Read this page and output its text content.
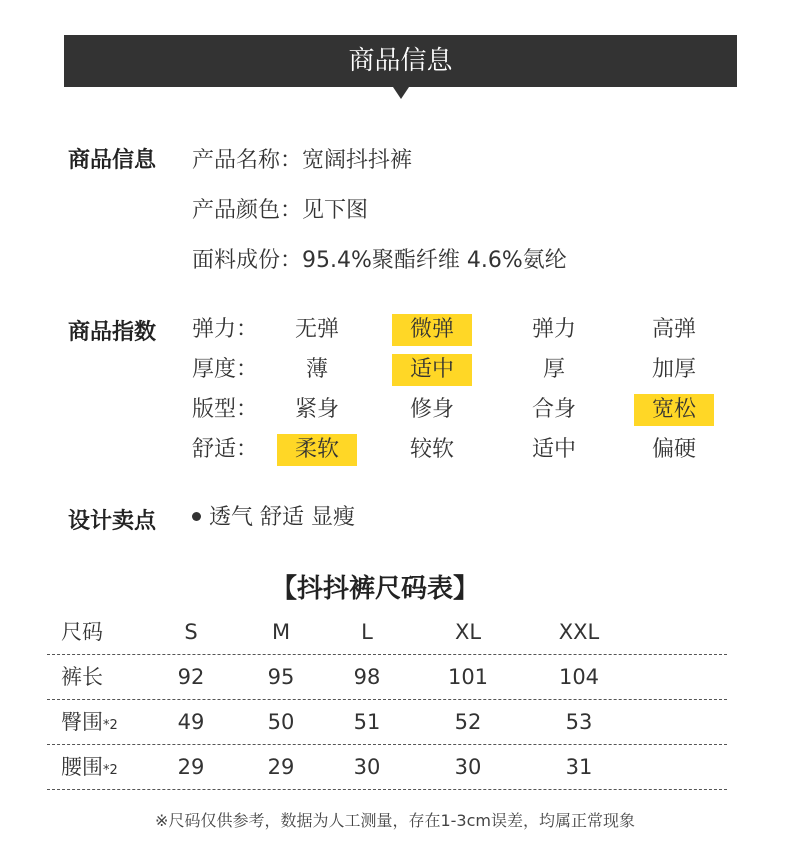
商品信息
商品信息 产品名称：宽阔抖抖裤
产品颜色：见下图
面料成份：95.4%聚酯纤维 4.6%氨纶
商品指数 弹力：	无弹	微弹	弹力	高弹
厚度：	薄	适中	厚	加厚
版型：	紧身	修身	合身	宽松
舒适：	柔软	较软	适中	偏硬
设计卖点	透气 舒适 显瘦
【抖抖裤尺码表】
尺码	S	M	L	XL	XXL
裤长	92	95	98	101	104
臀围*2	49	50	51	52	53
腰围*2	29	29	30	30	31
※尺码仅供参考，数据为人工测量，存在1-3cm误差，均属正常现象
